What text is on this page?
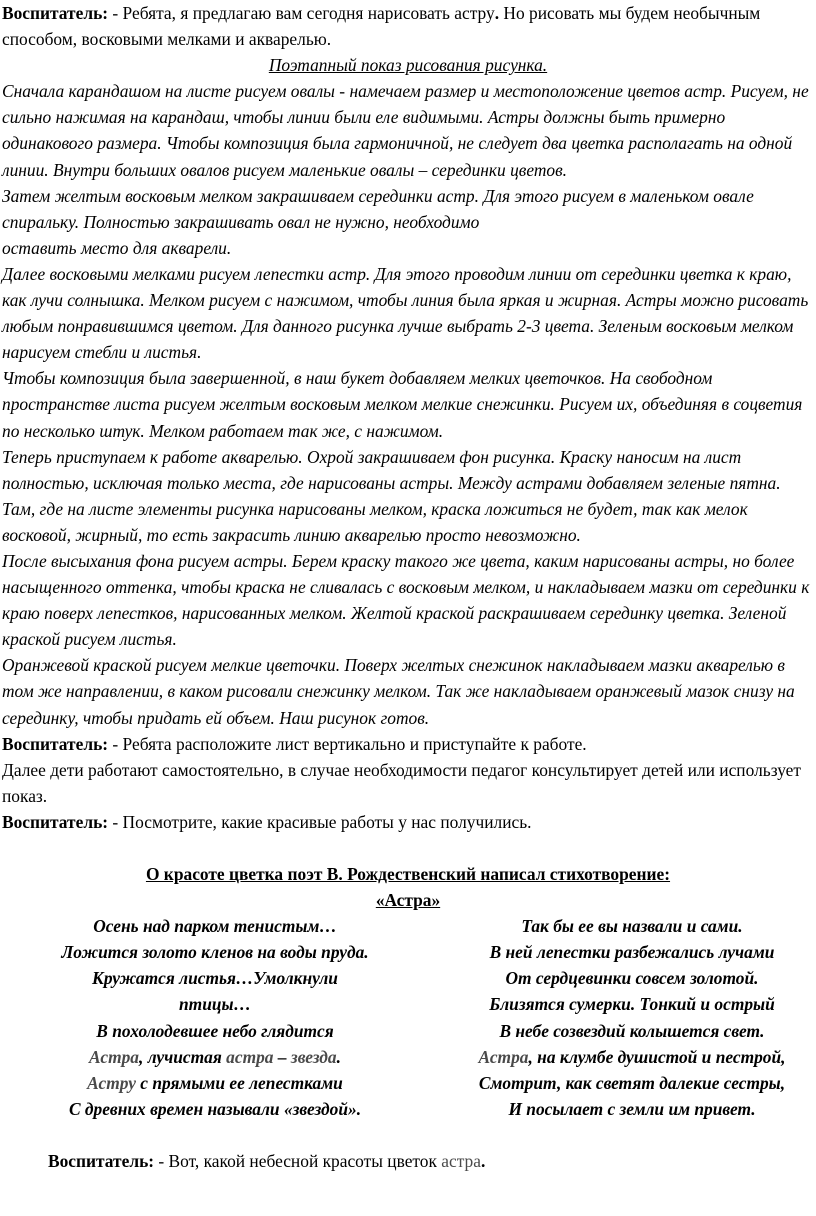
Воспитатель: - Ребята, я предлагаю вам сегодня нарисовать астру. Но рисовать мы будем необычным способом, восковыми мелками и акварелью.

Поэтапный показ рисования рисунка.

Сначала карандашом на листе рисуем овалы - намечаем размер и местоположение цветов астр. Рисуем, не сильно нажимая на карандаш, чтобы линии были еле видимыми. Астры должны быть примерно одинакового размера. Чтобы композиция была гармоничной, не следует два цветка располагать на одной линии. Внутри больших овалов рисуем маленькие овалы – серединки цветов.

Затем желтым восковым мелком закрашиваем серединки астр. Для этого рисуем в маленьком овале спиральку. Полностью закрашивать овал не нужно, необходимо

оставить место для акварели.

Далее восковыми мелками рисуем лепестки астр. Для этого проводим линии от серединки цветка к краю, как лучи солнышка. Мелком рисуем с нажимом, чтобы линия была яркая и жирная. Астры можно рисовать любым понравившимся цветом. Для данного рисунка лучше выбрать 2-3 цвета. Зеленым восковым мелком нарисуем стебли и листья.

Чтобы композиция была завершенной, в наш букет добавляем мелких цветочков. На свободном пространстве листа рисуем желтым восковым мелком мелкие снежинки. Рисуем их, объединяя в соцветия по несколько штук. Мелком работаем так же, с нажимом.

Теперь приступаем к работе акварелью. Охрой закрашиваем фон рисунка. Краску наносим на лист полностью, исключая только места, где нарисованы астры. Между астрами добавляем зеленые пятна. Там, где на листе элементы рисунка нарисованы мелком, краска ложиться не будет, так как мелок восковой, жирный, то есть закрасить линию акварелью просто невозможно.

После высыхания фона рисуем астры. Берем краску такого же цвета, каким нарисованы астры, но более насыщенного оттенка, чтобы краска не сливалась с восковым мелком, и накладываем мазки от серединки к краю поверх лепестков, нарисованных мелком. Желтой краской раскрашиваем серединку цветка. Зеленой краской рисуем листья.

Оранжевой краской рисуем мелкие цветочки. Поверх желтых снежинок накладываем мазки акварелью в том же направлении, в каком рисовали снежинку мелком. Так же накладываем оранжевый мазок снизу на серединку, чтобы придать ей объем. Наш рисунок готов.

Воспитатель: - Ребята расположите лист вертикально и приступайте к работе.

Далее дети работают самостоятельно, в случае необходимости педагог консультирует детей или использует показ.

Воспитатель: - Посмотрите, какие красивые работы у нас получились.

О красоте цветка поэт В. Рождественский написал стихотворение:

«Астра»

Осень над парком тенистым…

Ложится золото кленов на воды пруда.

Кружатся листья…Умолкнули

птицы…

В похолодевшее небо глядится

Астра, лучистая астра – звезда.

Астру с прямыми ее лепестками

С древних времен называли «звездой».

Так бы ее вы назвали и сами.

В ней лепестки разбежались лучами

От сердцевинки совсем золотой.

Близятся сумерки. Тонкий и острый

В небе созвездий колышется свет.

Астра, на клумбе душистой и пестрой,

Смотрит, как светят далекие сестры,

И посылает с земли им привет.

Воспитатель: - Вот, какой небесной красоты цветок астра.
